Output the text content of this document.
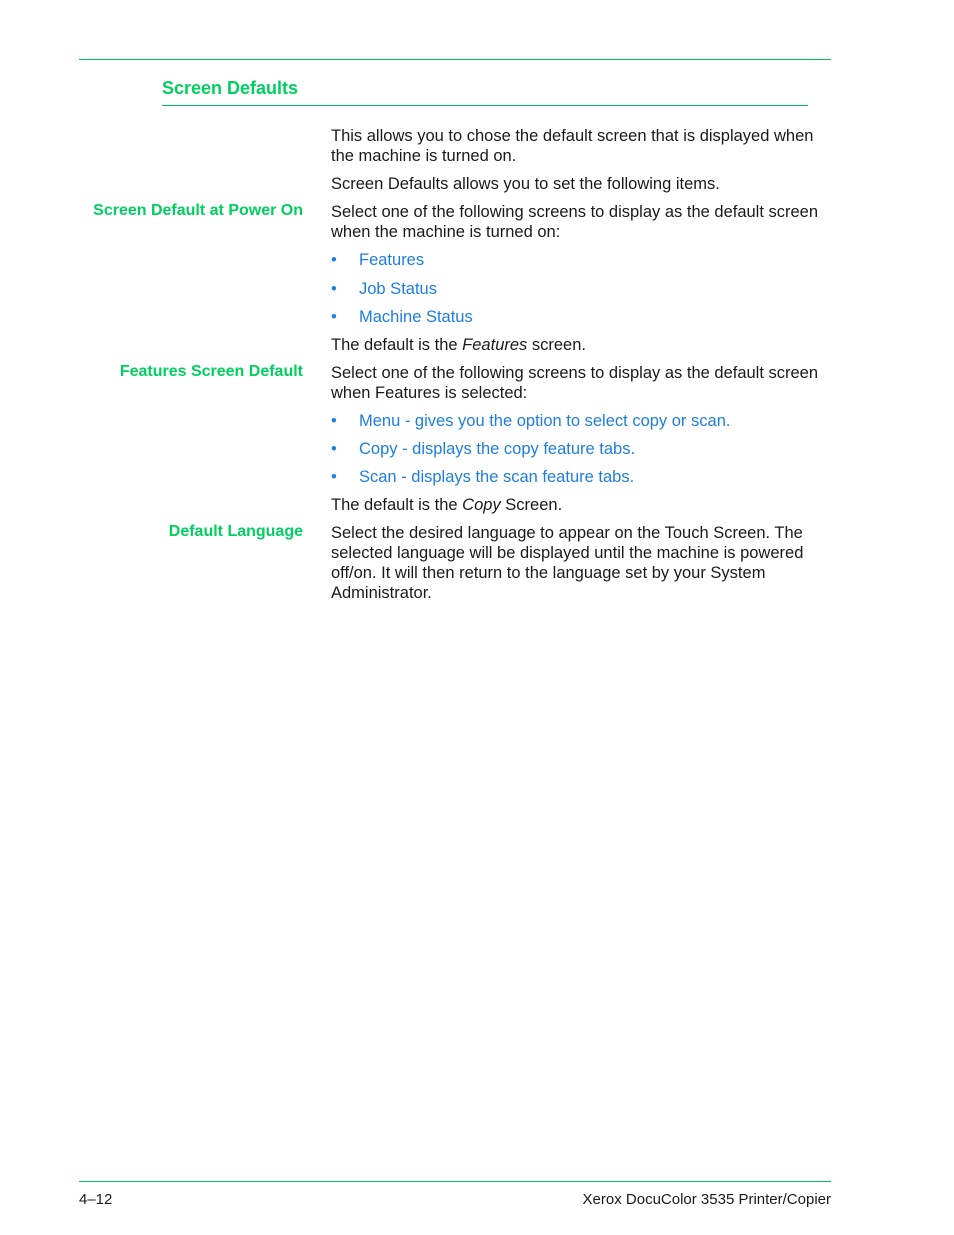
Screen Defaults

This allows you to chose the default screen that is displayed when the machine is turned on.

Screen Defaults allows you to set the following items.

Screen Default at Power On Select one of the following screens to display as the default screen when the machine is turned on:

• Features
• Job Status
• Machine Status

The default is the Features screen.

Features Screen Default Select one of the following screens to display as the default screen when Features is selected:

• Menu - gives you the option to select copy or scan.
• Copy - displays the copy feature tabs.
• Scan - displays the scan feature tabs.

The default is the Copy Screen.

Default Language Select the desired language to appear on the Touch Screen. The selected language will be displayed until the machine is powered off/on. It will then return to the language set by your System Administrator.

4–12	Xerox DocuColor 3535 Printer/Copier
